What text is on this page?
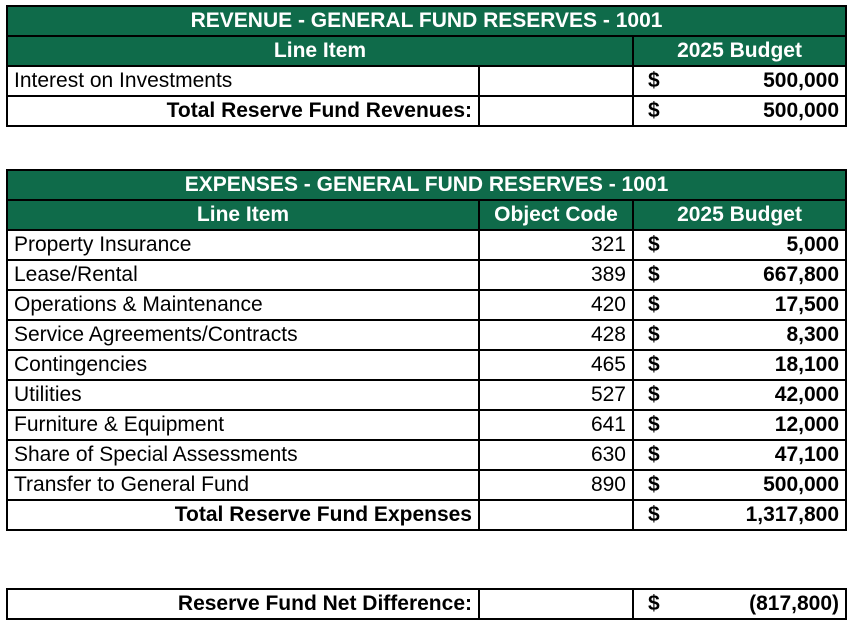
REVENUE - GENERAL FUND RESERVES - 1001		
Line Item		2025 Budget
Interest on Investments		$ 500,000

Total Reserve Fund Revenues:		$ 500,000
EXPENSES - GENERAL FUND RESERVES - 1001		
Line Item	Object Code	2025 Budget
Property Insurance	321	$ 5,000

Lease/Rental	389	$ 667,800

Operations & Maintenance	420	$ 17,500

Service Agreements/Contracts	428	$ 8,300

Contingencies	465	$ 18,100

Utilities	527	$ 42,000

Furniture & Equipment	641	$ 12,000

Share of Special Assessments	630	$ 47,100

Transfer to General Fund	890	$ 500,000

Total Reserve Fund Expenses		$ 1,317,800
Reserve Fund Net Difference:		$	(817,800)
